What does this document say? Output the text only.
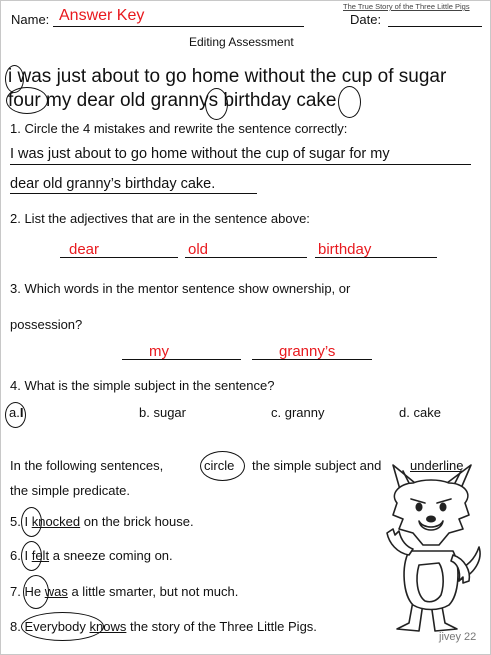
Name: Answer Key
The True Story of the Three Little Pigs
Date:
Editing Assessment
i was just about to go home without the cup of sugar
four my dear old grannys birthday cake
1. Circle the 4 mistakes and rewrite the sentence correctly:
I was just about to go home without the cup of sugar for my
dear old granny’s birthday cake.
2. List the adjectives that are in the sentence above:
dear	old	birthday
3. Which words in the mentor sentence show ownership, or
possession?
my	granny’s
4. What is the simple subject in the sentence?
a.I	b. sugar	c. granny	d. cake
In the following sentences,	circle the simple subject and underline
the simple predicate.
5. I knocked on the brick house.
6. I felt a sneeze coming on.
7. He was a little smarter, but not much.
8. Everybody knows the story of the Three Little Pigs.
jivey 22
